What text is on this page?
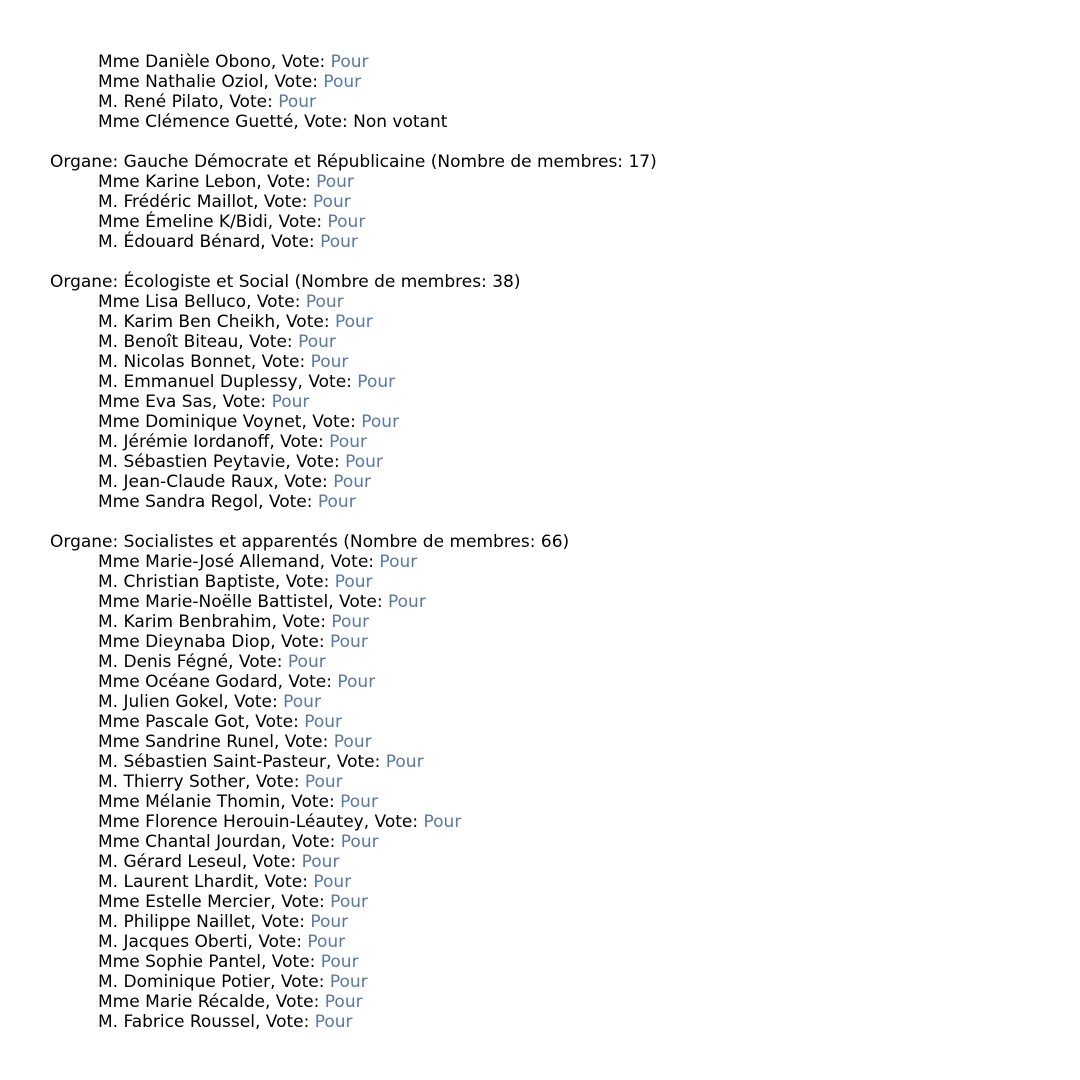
Mme Danièle Obono, Vote: Pour
Mme Nathalie Oziol, Vote: Pour
M. René Pilato, Vote: Pour
Mme Clémence Guetté, Vote: Non votant
Organe: Gauche Démocrate et Républicaine (Nombre de membres: 17)
Mme Karine Lebon, Vote: Pour
M. Frédéric Maillot, Vote: Pour
Mme Émeline K/Bidi, Vote: Pour
M. Édouard Bénard, Vote: Pour
Organe: Écologiste et Social (Nombre de membres: 38)
Mme Lisa Belluco, Vote: Pour
M. Karim Ben Cheikh, Vote: Pour
M. Benoît Biteau, Vote: Pour
M. Nicolas Bonnet, Vote: Pour
M. Emmanuel Duplessy, Vote: Pour
Mme Eva Sas, Vote: Pour
Mme Dominique Voynet, Vote: Pour
M. Jérémie Iordanoff, Vote: Pour
M. Sébastien Peytavie, Vote: Pour
M. Jean-Claude Raux, Vote: Pour
Mme Sandra Regol, Vote: Pour
Organe: Socialistes et apparentés (Nombre de membres: 66)
Mme Marie-José Allemand, Vote: Pour
M. Christian Baptiste, Vote: Pour
Mme Marie-Noëlle Battistel, Vote: Pour
M. Karim Benbrahim, Vote: Pour
Mme Dieynaba Diop, Vote: Pour
M. Denis Fégné, Vote: Pour
Mme Océane Godard, Vote: Pour
M. Julien Gokel, Vote: Pour
Mme Pascale Got, Vote: Pour
Mme Sandrine Runel, Vote: Pour
M. Sébastien Saint-Pasteur, Vote: Pour
M. Thierry Sother, Vote: Pour
Mme Mélanie Thomin, Vote: Pour
Mme Florence Herouin-Léautey, Vote: Pour
Mme Chantal Jourdan, Vote: Pour
M. Gérard Leseul, Vote: Pour
M. Laurent Lhardit, Vote: Pour
Mme Estelle Mercier, Vote: Pour
M. Philippe Naillet, Vote: Pour
M. Jacques Oberti, Vote: Pour
Mme Sophie Pantel, Vote: Pour
M. Dominique Potier, Vote: Pour
Mme Marie Récalde, Vote: Pour
M. Fabrice Roussel, Vote: Pour
